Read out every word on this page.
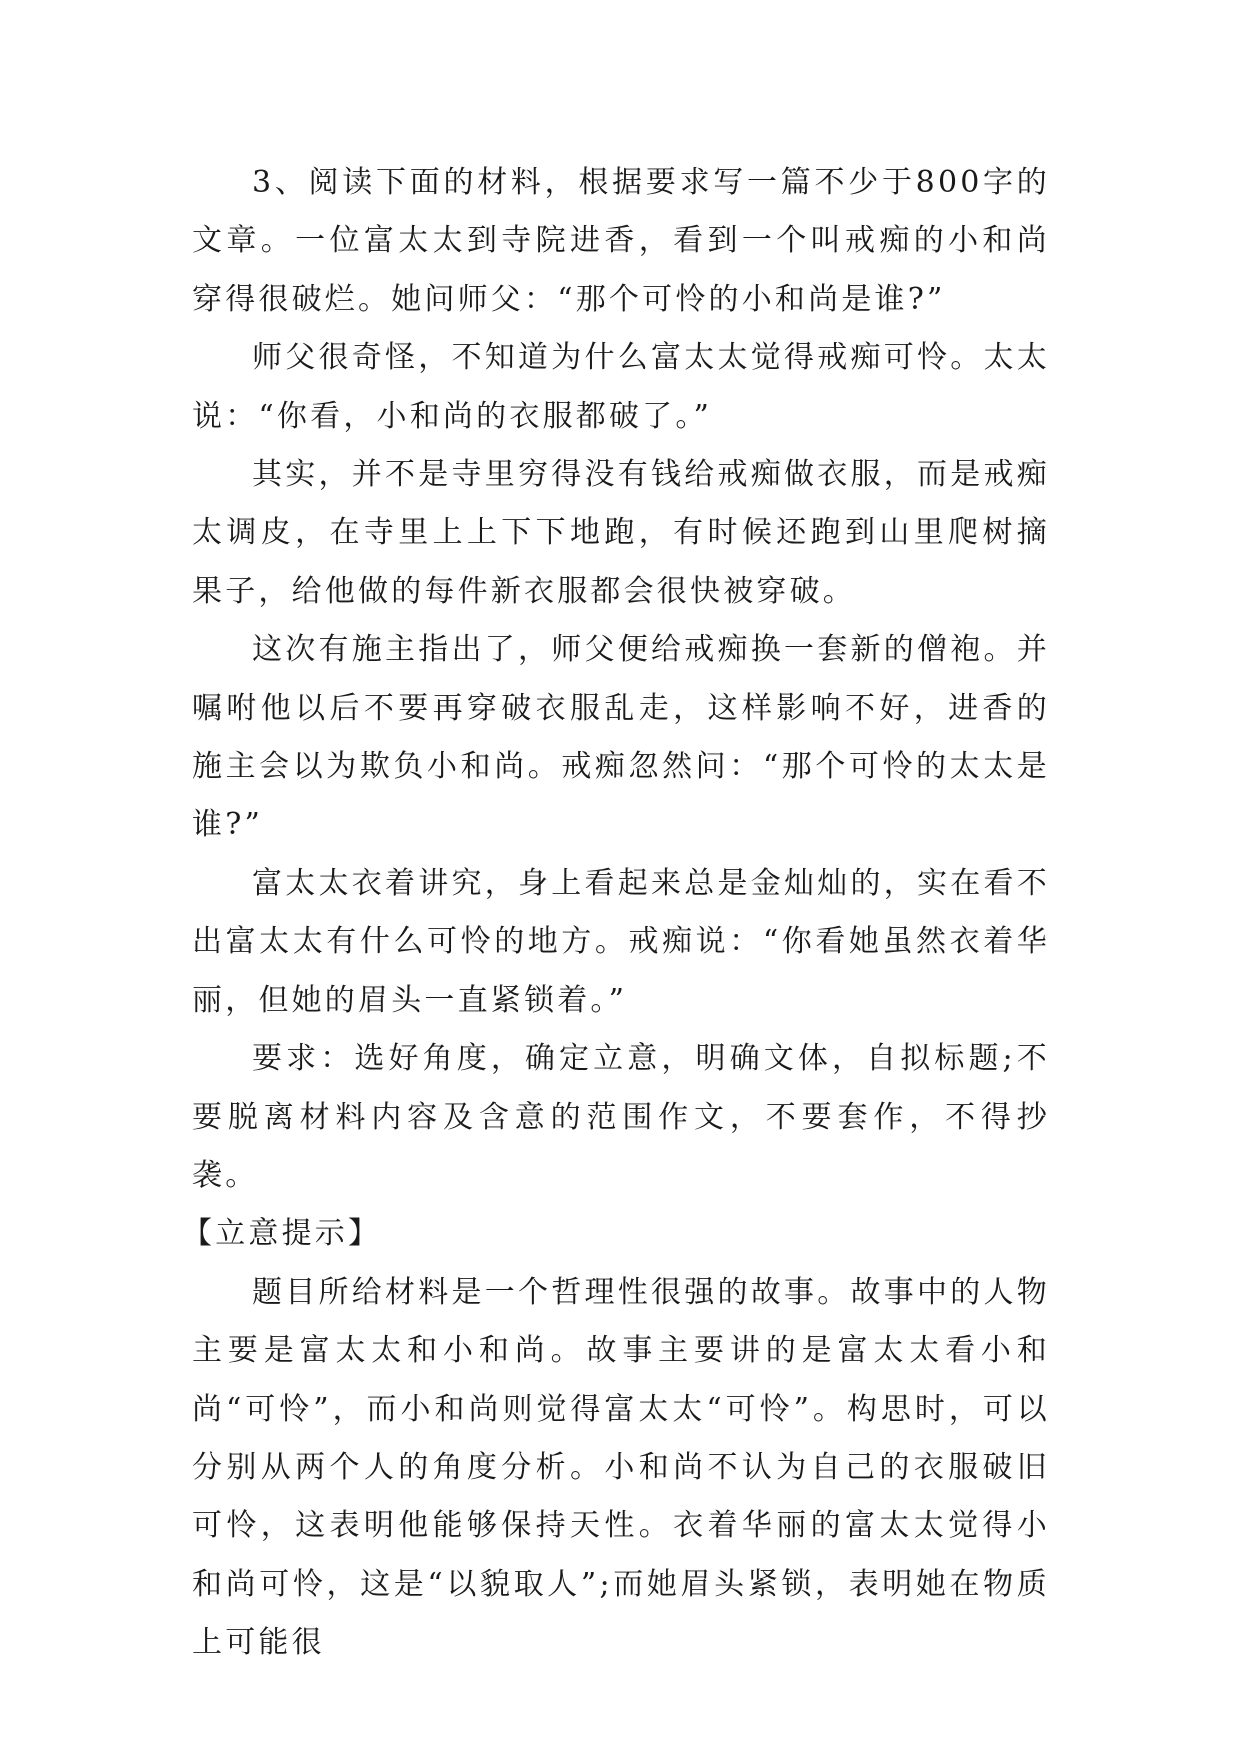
3、阅读下面的材料，根据要求写一篇不少于800字的文章。一位富太太到寺院进香，看到一个叫戒痴的小和尚穿得很破烂。她问师父：“那个可怜的小和尚是谁?”

师父很奇怪，不知道为什么富太太觉得戒痴可怜。太太说：“你看，小和尚的衣服都破了。”

其实，并不是寺里穷得没有钱给戒痴做衣服，而是戒痴太调皮，在寺里上上下下地跑，有时候还跑到山里爬树摘果子，给他做的每件新衣服都会很快被穿破。

这次有施主指出了，师父便给戒痴换一套新的僧袍。并嘱咐他以后不要再穿破衣服乱走，这样影响不好，进香的施主会以为欺负小和尚。戒痴忽然问：“那个可怜的太太是谁?”

富太太衣着讲究，身上看起来总是金灿灿的，实在看不出富太太有什么可怜的地方。戒痴说：“你看她虽然衣着华丽，但她的眉头一直紧锁着。”

要求：选好角度，确定立意，明确文体，自拟标题;不要脱离材料内容及含意的范围作文，不要套作，不得抄袭。

【立意提示】

题目所给材料是一个哲理性很强的故事。故事中的人物主要是富太太和小和尚。故事主要讲的是富太太看小和尚“可怜”，而小和尚则觉得富太太“可怜”。构思时，可以分别从两个人的角度分析。小和尚不认为自己的衣服破旧可怜，这表明他能够保持天性。衣着华丽的富太太觉得小和尚可怜，这是“以貌取人”;而她眉头紧锁，表明她在物质上可能很
